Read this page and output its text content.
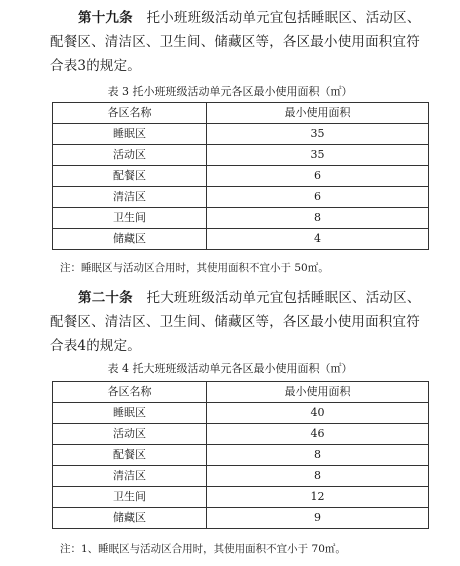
第十九条　 托小班班级活动单元宜包括睡眠区、活动区、配餐区、清洁区、卫生间、储藏区等，各区最小使用面积宜符合表3的规定。

表 3 托小班班级活动单元各区最小使用面积（㎡）

各区名称	最小使用面积
睡眠区	35
活动区	35
配餐区	6
清洁区	6
卫生间	8
储藏区	4

注：睡眠区与活动区合用时，其使用面积不宜小于 50㎡。

第二十条　 托大班班级活动单元宜包括睡眠区、活动区、配餐区、清洁区、卫生间、储藏区等，各区最小使用面积宜符合表4的规定。

表 4 托大班班级活动单元各区最小使用面积（㎡）

各区名称	最小使用面积
睡眠区	40
活动区	46
配餐区	8
清洁区	8
卫生间	12
储藏区	9

注：1、睡眠区与活动区合用时，其使用面积不宜小于 70㎡。
